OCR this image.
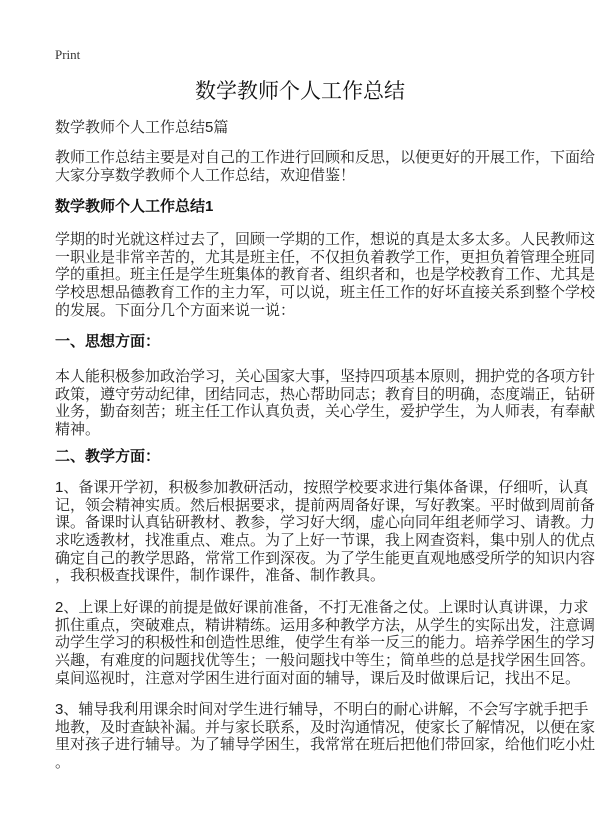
Print
数学教师个人工作总结
数学教师个人工作总结5篇
教师工作总结主要是对自己的工作进行回顾和反思，以便更好的开展工作，下面给
大家分享数学教师个人工作总结，欢迎借鉴！
数学教师个人工作总结1
学期的时光就这样过去了，回顾一学期的工作，想说的真是太多太多。人民教师这
一职业是非常辛苦的，尤其是班主任，不仅担负着教学工作，更担负着管理全班同
学的重担。班主任是学生班集体的教育者、组织者和，也是学校教育工作、尤其是
学校思想品德教育工作的主力军，可以说，班主任工作的好坏直接关系到整个学校
的发展。下面分几个方面来说一说：
一、思想方面：
本人能积极参加政治学习，关心国家大事，坚持四项基本原则，拥护党的各项方针
政策，遵守劳动纪律，团结同志，热心帮助同志；教育目的明确，态度端正，钻研
业务，勤奋刻苦；班主任工作认真负责，关心学生，爱护学生，为人师表，有奉献
精神。
二、教学方面：
1、备课开学初，积极参加教研活动，按照学校要求进行集体备课，仔细听，认真
记，领会精神实质。然后根据要求，提前两周备好课，写好教案。平时做到周前备
课。备课时认真钻研教材、教参，学习好大纲，虚心向同年组老师学习、请教。力
求吃透教材，找准重点、难点。为了上好一节课，我上网查资料，集中别人的优点
确定自己的教学思路，常常工作到深夜。为了学生能更直观地感受所学的知识内容
，我积极查找课件，制作课件，准备、制作教具。
2、上课上好课的前提是做好课前准备，不打无准备之仗。上课时认真讲课，力求
抓住重点，突破难点，精讲精练。运用多种教学方法，从学生的实际出发，注意调
动学生学习的积极性和创造性思维，使学生有举一反三的能力。培养学困生的学习
兴趣，有难度的问题找优等生；一般问题找中等生；简单些的总是找学困生回答。
桌间巡视时，注意对学困生进行面对面的辅导，课后及时做课后记，找出不足。
3、辅导我利用课余时间对学生进行辅导，不明白的耐心讲解，不会写字就手把手
地教，及时查缺补漏。并与家长联系，及时沟通情况，使家长了解情况，以便在家
里对孩子进行辅导。为了辅导学困生，我常常在班后把他们带回家，给他们吃小灶
。
